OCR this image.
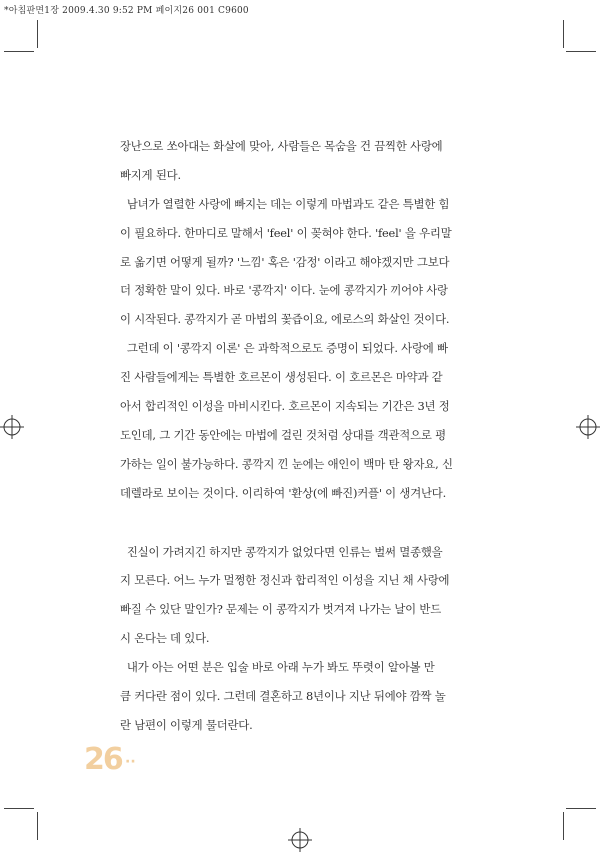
*아침판면1장 2009.4.30 9:52 PM 페이지26 001 C9600
장난으로 쏘아대는 화살에 맞아, 사람들은 목숨을 건 끔찍한 사랑에
빠지게 된다.
남녀가 열렬한 사랑에 빠지는 데는 이렇게 마법과도 같은 특별한 힘
이 필요하다. 한마디로 말해서 'feel' 이 꽂혀야 한다. 'feel' 을 우리말
로 옮기면 어떻게 될까? '느낌' 혹은 '감정' 이라고 해야겠지만 그보다
더 정확한 말이 있다. 바로 '콩깍지' 이다. 눈에 콩깍지가 끼어야 사랑
이 시작된다. 콩깍지가 곧 마법의 꽃즙이요, 에로스의 화살인 것이다.
그런데 이 '콩깍지 이론' 은 과학적으로도 증명이 되었다. 사랑에 빠
진 사람들에게는 특별한 호르몬이 생성된다. 이 호르몬은 마약과 같
아서 합리적인 이성을 마비시킨다. 호르몬이 지속되는 기간은 3년 정
도인데, 그 기간 동안에는 마법에 걸린 것처럼 상대를 객관적으로 평
가하는 일이 불가능하다. 콩깍지 낀 눈에는 애인이 백마 탄 왕자요, 신
데렐라로 보이는 것이다. 이리하여 '환상(에 빠진)커플' 이 생겨난다.
진실이 가려지긴 하지만 콩깍지가 없었다면 인류는 벌써 멸종했을
지 모른다. 어느 누가 멀쩡한 정신과 합리적인 이성을 지닌 채 사랑에
빠질 수 있단 말인가? 문제는 이 콩깍지가 벗겨져 나가는 날이 반드
시 온다는 데 있다.
내가 아는 어떤 분은 입술 바로 아래 누가 봐도 뚜렷이 알아볼 만
큼 커다란 점이 있다. 그런데 결혼하고 8년이나 지난 뒤에야 깜짝 놀
란 남편이 이렇게 물더란다.
26 ··
